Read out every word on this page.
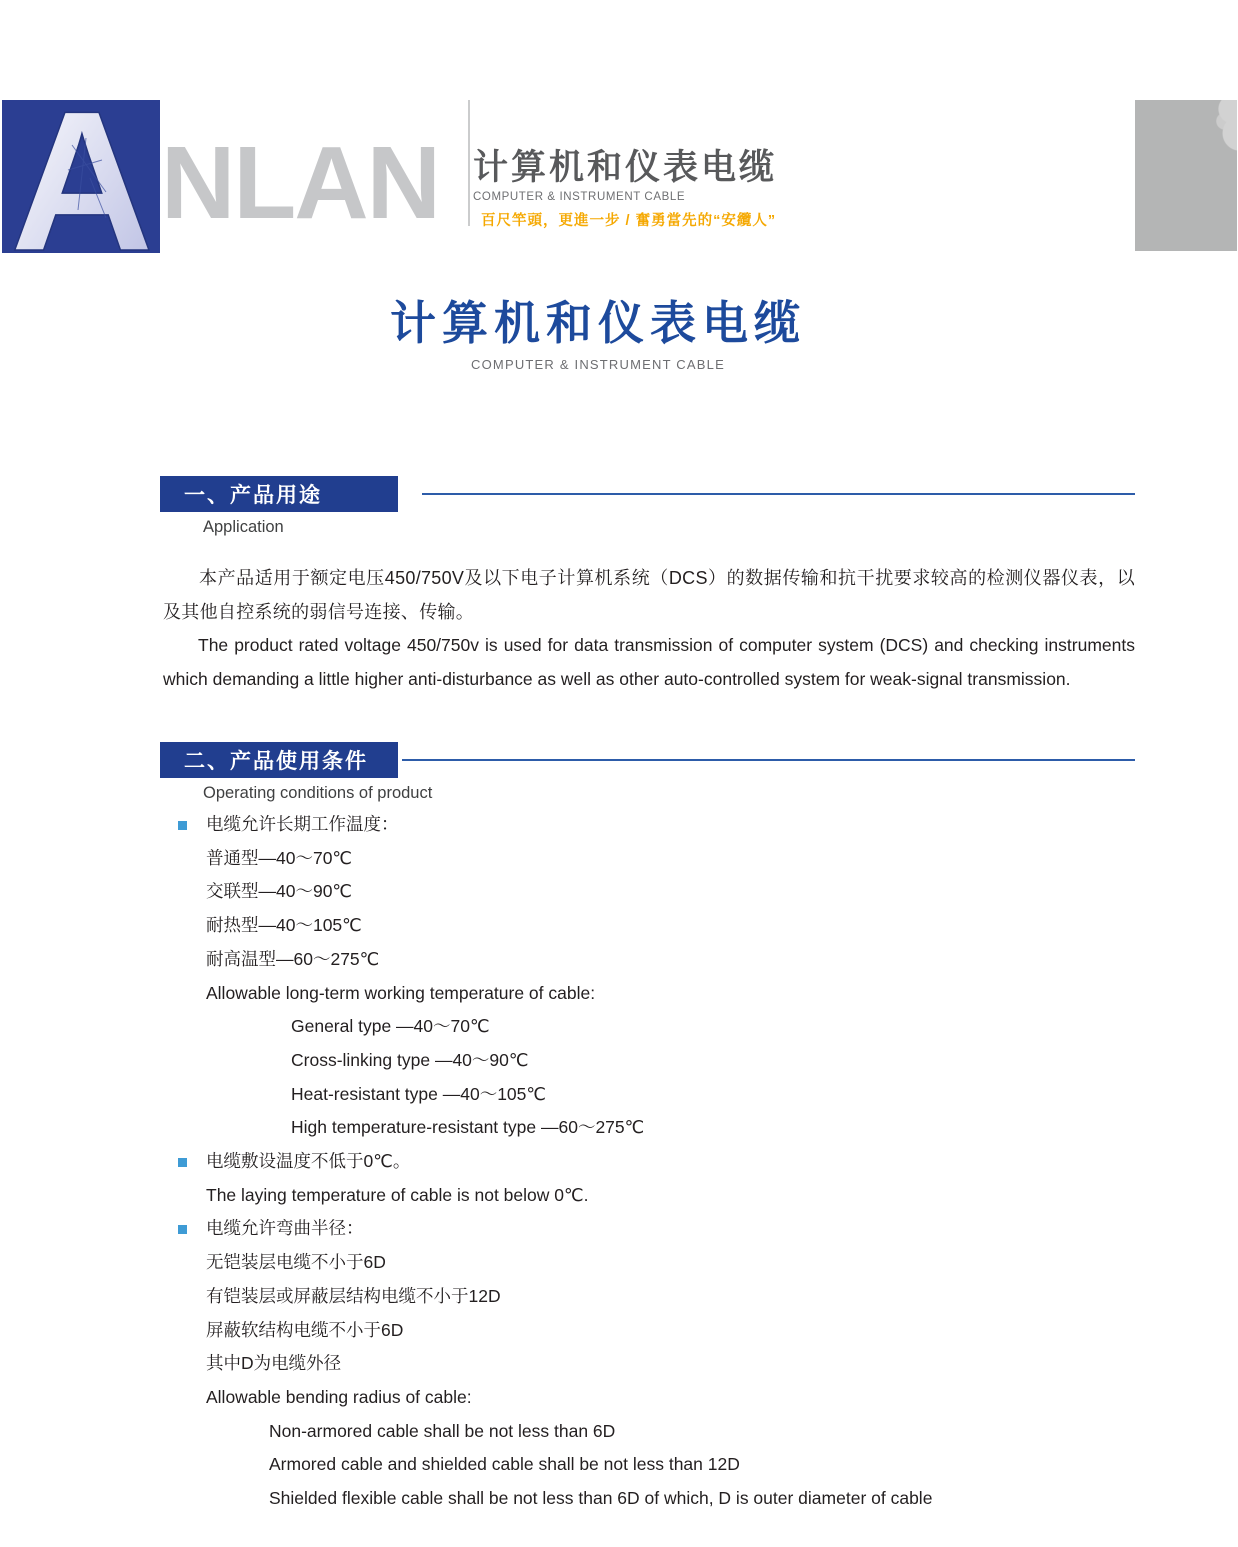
A NLAN 计算机和仪表电缆
COMPUTER & INSTRUMENT CABLE
百尺竿頭，更進一步 / 奮勇當先的“安纜人”
计算机和仪表电缆
COMPUTER & INSTRUMENT CABLE
一、产品用途
Application
本产品适用于额定电压450/750V及以下电子计算机系统（DCS）的数据传输和抗干扰要求较高的检测仪器仪表，以及其他自控系统的弱信号连接、传输。
The product rated voltage 450/750v is used for data transmission of computer system (DCS) and checking instruments which demanding a little higher anti-disturbance as well as other auto-controlled system for weak-signal transmission.
二、产品使用条件
Operating conditions of product
电缆允许长期工作温度：
普通型—40～70℃
交联型—40～90℃
耐热型—40～105℃
耐高温型—60～275℃
Allowable long-term working temperature of cable:
General type —40～70℃
Cross-linking type —40～90℃
Heat-resistant type —40～105℃
High temperature-resistant type —60～275℃
电缆敷设温度不低于0℃。
The laying temperature of cable is not below 0℃.
电缆允许弯曲半径：
无铠装层电缆不小于6D
有铠装层或屏蔽层结构电缆不小于12D
屏蔽软结构电缆不小于6D
其中D为电缆外径
Allowable bending radius of cable:
Non-armored cable shall be not less than 6D
Armored cable and shielded cable shall be not less than 12D
Shielded flexible cable shall be not less than 6D of which, D is outer diameter of cable
